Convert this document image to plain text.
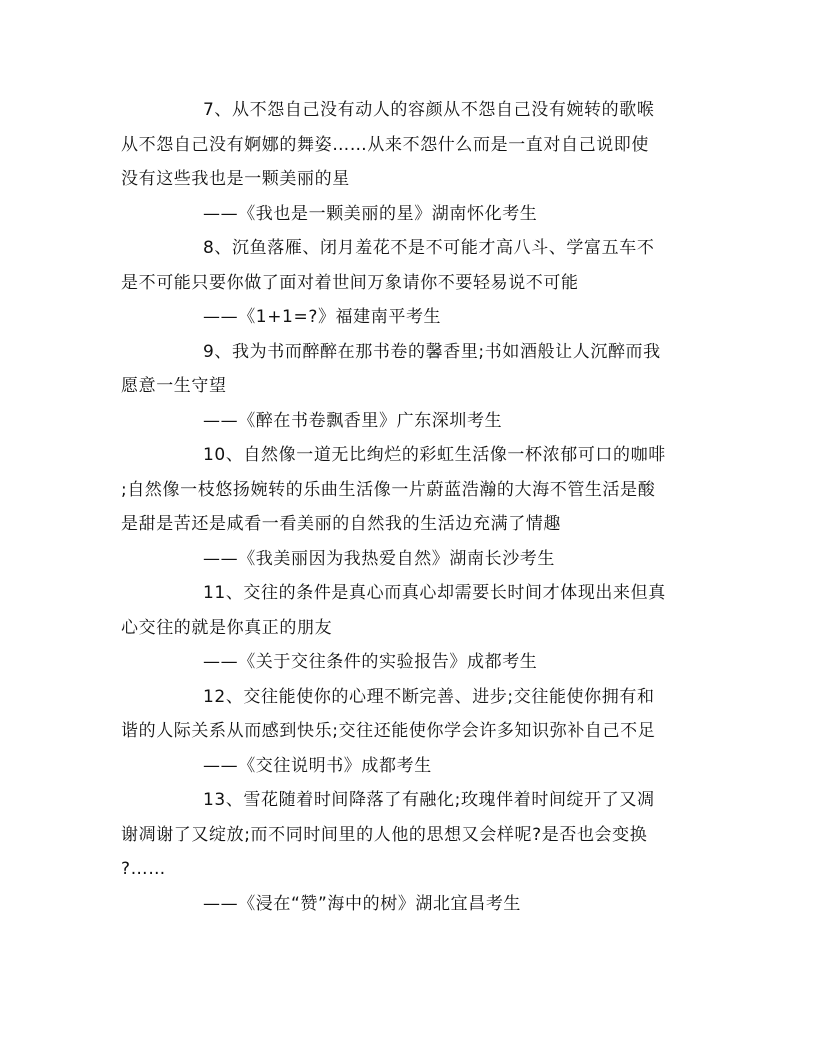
7、从不怨自己没有动人的容颜从不怨自己没有婉转的歌喉
从不怨自己没有婀娜的舞姿……从来不怨什么而是一直对自己说即使
没有这些我也是一颗美丽的星
——《我也是一颗美丽的星》湖南怀化考生
8、沉鱼落雁、闭月羞花不是不可能才高八斗、学富五车不
是不可能只要你做了面对着世间万象请你不要轻易说不可能
——《1+1=?》福建南平考生
9、我为书而醉醉在那书卷的馨香里;书如酒般让人沉醉而我
愿意一生守望
——《醉在书卷飘香里》广东深圳考生
10、自然像一道无比绚烂的彩虹生活像一杯浓郁可口的咖啡
;自然像一枝悠扬婉转的乐曲生活像一片蔚蓝浩瀚的大海不管生活是酸
是甜是苦还是咸看一看美丽的自然我的生活边充满了情趣
——《我美丽因为我热爱自然》湖南长沙考生
11、交往的条件是真心而真心却需要长时间才体现出来但真
心交往的就是你真正的朋友
——《关于交往条件的实验报告》成都考生
12、交往能使你的心理不断完善、进步;交往能使你拥有和
谐的人际关系从而感到快乐;交往还能使你学会许多知识弥补自己不足
——《交往说明书》成都考生
13、雪花随着时间降落了有融化;玫瑰伴着时间绽开了又凋
谢凋谢了又绽放;而不同时间里的人他的思想又会样呢?是否也会变换
?……
——《浸在“赞”海中的树》湖北宜昌考生
